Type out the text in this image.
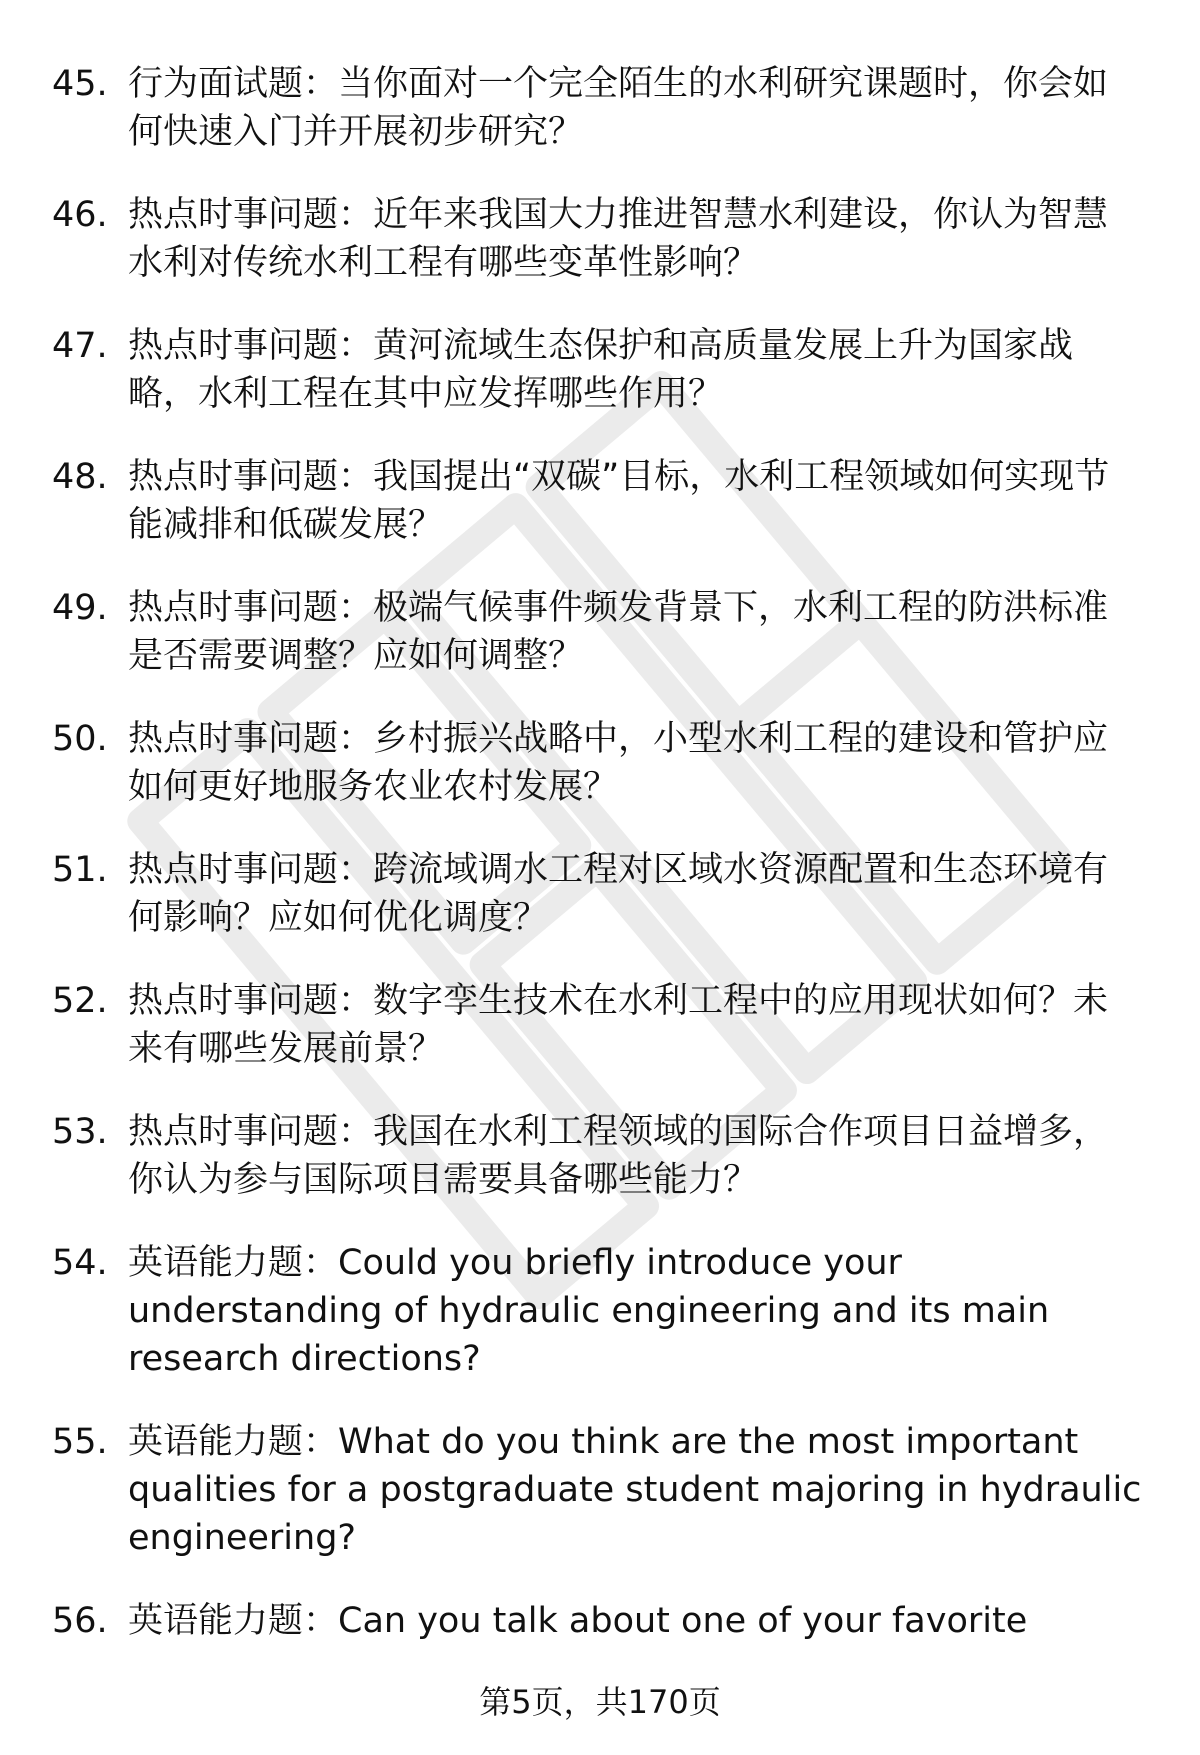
45. 行为面试题：当你面对一个完全陌生的水利研究课题时，你会如何快速入门并开展初步研究？
46. 热点时事问题：近年来我国大力推进智慧水利建设，你认为智慧水利对传统水利工程有哪些变革性影响？
47. 热点时事问题：黄河流域生态保护和高质量发展上升为国家战略，水利工程在其中应发挥哪些作用？
48. 热点时事问题：我国提出“双碳”目标，水利工程领域如何实现节能减排和低碳发展？
49. 热点时事问题：极端气候事件频发背景下，水利工程的防洪标准是否需要调整？应如何调整？
50. 热点时事问题：乡村振兴战略中，小型水利工程的建设和管护应如何更好地服务农业农村发展？
51. 热点时事问题：跨流域调水工程对区域水资源配置和生态环境有何影响？应如何优化调度？
52. 热点时事问题：数字孪生技术在水利工程中的应用现状如何？未来有哪些发展前景？
53. 热点时事问题：我国在水利工程领域的国际合作项目日益增多，你认为参与国际项目需要具备哪些能力？
54. 英语能力题：Could you briefly introduce your understanding of hydraulic engineering and its main research directions?
55. 英语能力题：What do you think are the most important qualities for a postgraduate student majoring in hydraulic engineering?
56. 英语能力题：Can you talk about one of your favorite
第5页，共170页
